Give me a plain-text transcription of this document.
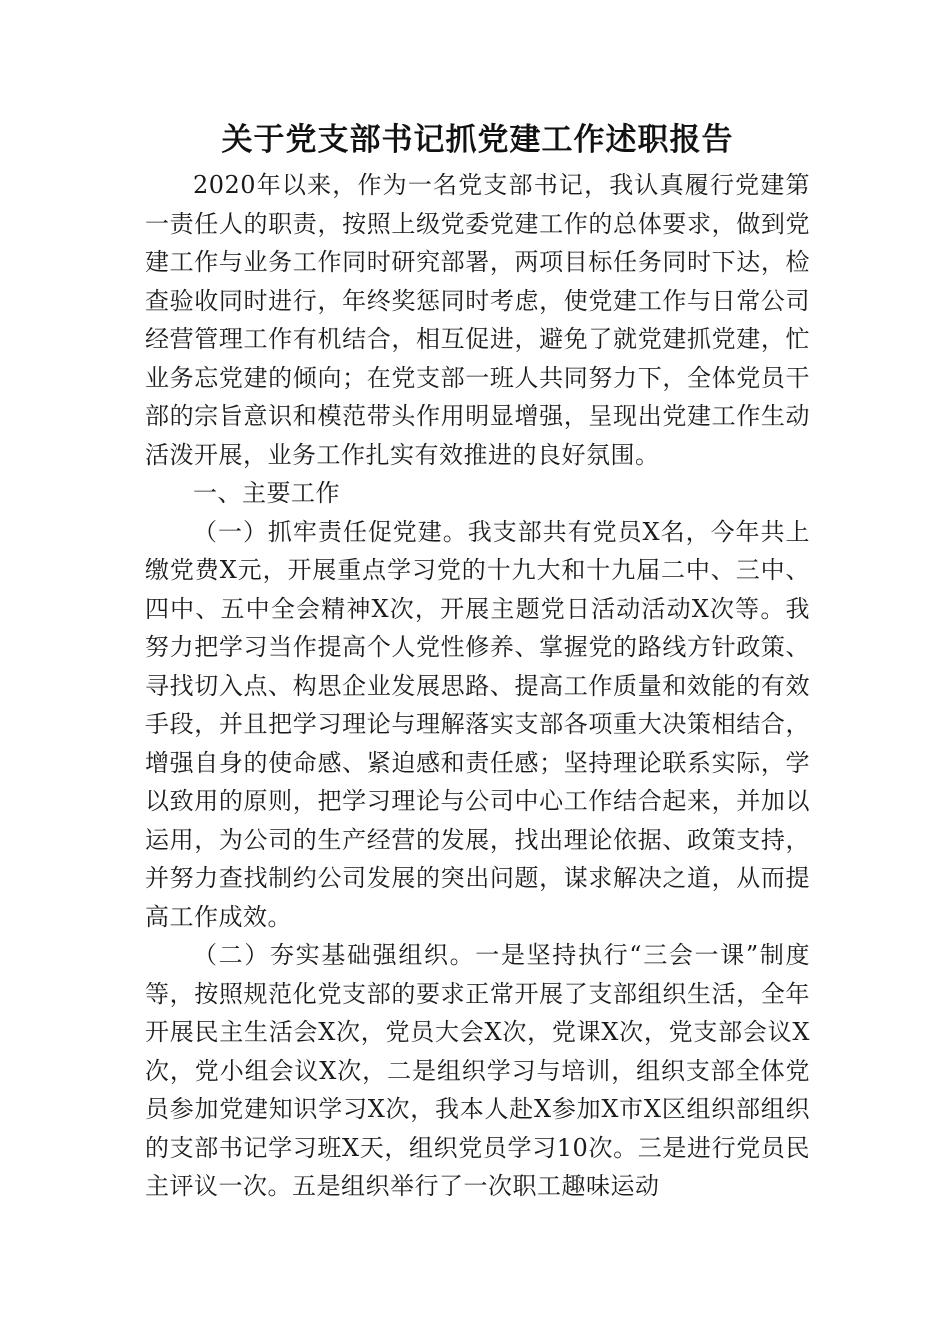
关于党支部书记抓党建工作述职报告

2020年以来，作为一名党支部书记，我认真履行党建第一责任人的职责，按照上级党委党建工作的总体要求，做到党建工作与业务工作同时研究部署，两项目标任务同时下达，检查验收同时进行，年终奖惩同时考虑，使党建工作与日常公司经营管理工作有机结合，相互促进，避免了就党建抓党建，忙业务忘党建的倾向；在党支部一班人共同努力下，全体党员干部的宗旨意识和模范带头作用明显增强，呈现出党建工作生动活泼开展，业务工作扎实有效推进的良好氛围。

一、主要工作

（一）抓牢责任促党建。我支部共有党员X名，今年共上缴党费X元，开展重点学习党的十九大和十九届二中、三中、四中、五中全会精神X次，开展主题党日活动活动X次等。我努力把学习当作提高个人党性修养、掌握党的路线方针政策、寻找切入点、构思企业发展思路、提高工作质量和效能的有效手段，并且把学习理论与理解落实支部各项重大决策相结合，增强自身的使命感、紧迫感和责任感；坚持理论联系实际，学以致用的原则，把学习理论与公司中心工作结合起来，并加以运用，为公司的生产经营的发展，找出理论依据、政策支持，并努力查找制约公司发展的突出问题，谋求解决之道，从而提高工作成效。

（二）夯实基础强组织。一是坚持执行“三会一课”制度等，按照规范化党支部的要求正常开展了支部组织生活，全年开展民主生活会X次，党员大会X次，党课X次，党支部会议X次，党小组会议X次，二是组织学习与培训，组织支部全体党员参加党建知识学习X次，我本人赴X参加X市X区组织部组织的支部书记学习班X天，组织党员学习10次。三是进行党员民主评议一次。五是组织举行了一次职工趣味运动
